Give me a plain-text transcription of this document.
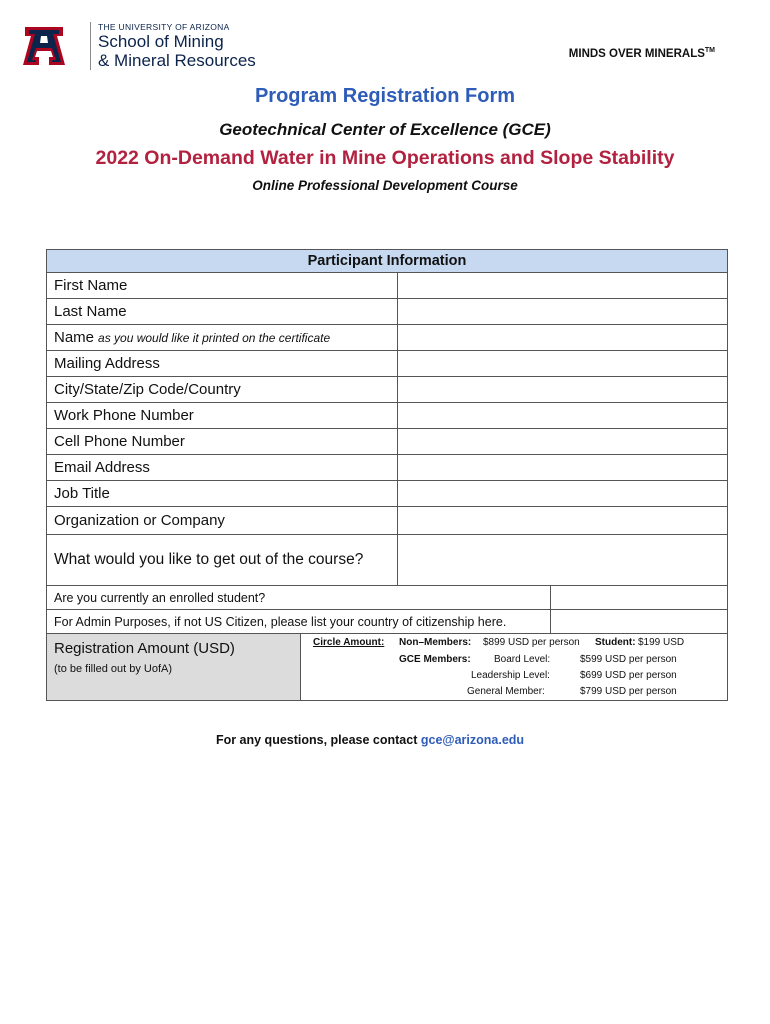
THE UNIVERSITY OF ARIZONA
School of Mining
& Mineral Resources	MINDS OVER MINERALS™
Program Registration Form
Geotechnical Center of Excellence (GCE)
2022 On-Demand Water in Mine Operations and Slope Stability
Online Professional Development Course
Participant Information
First Name
Last Name
Name as you would like it printed on the certificate
Mailing Address
City/State/Zip Code/Country
Work Phone Number
Cell Phone Number
Email Address
Job Title
Organization or Company
What would you like to get out of the course?
Are you currently an enrolled student?
For Admin Purposes, if not US Citizen, please list your country of citizenship here.
Registration Amount (USD)
(to be filled out by UofA)
Circle Amount: Non–Members: $899 USD per person Student: $199 USD
GCE Members: Board Level:	$599 USD per person
Leadership Level:	$699 USD per person
General Member:	$799 USD per person
For any questions, please contact gce@arizona.edu
